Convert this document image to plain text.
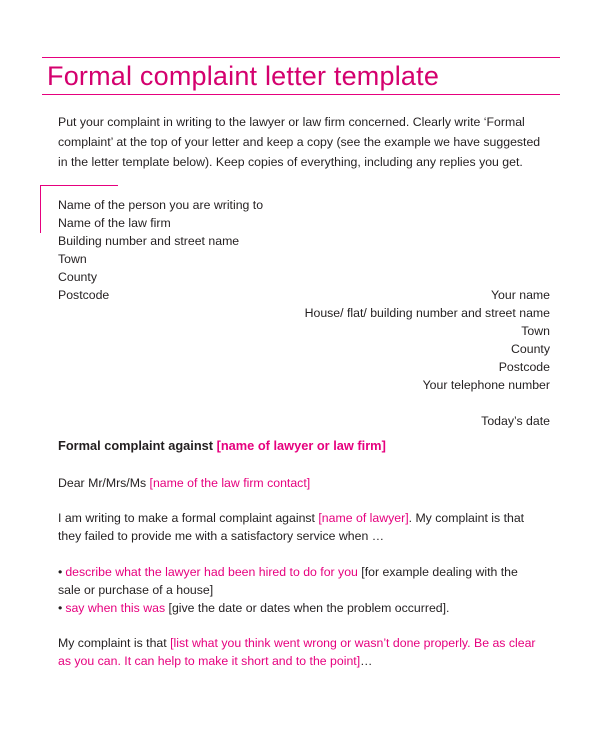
Formal complaint letter template
Put your complaint in writing to the lawyer or law firm concerned. Clearly write ‘Formal
complaint’ at the top of your letter and keep a copy (see the example we have suggested
in the letter template below). Keep copies of everything, including any replies you get.
Name of the person you are writing to
Name of the law firm
Building number and street name
Town
County
Postcode	Your name
House/ flat/ building number and street name
Town
County
Postcode
Your telephone number
Today’s date
Formal complaint against [name of lawyer or law firm]
Dear Mr/Mrs/Ms [name of the law firm contact]
I am writing to make a formal complaint against [name of lawyer]. My complaint is that
they failed to provide me with a satisfactory service when …
• describe what the lawyer had been hired to do for you [for example dealing with the
sale or purchase of a house]
• say when this was [give the date or dates when the problem occurred].
My complaint is that [list what you think went wrong or wasn’t done properly. Be as clear
as you can. It can help to make it short and to the point]…
